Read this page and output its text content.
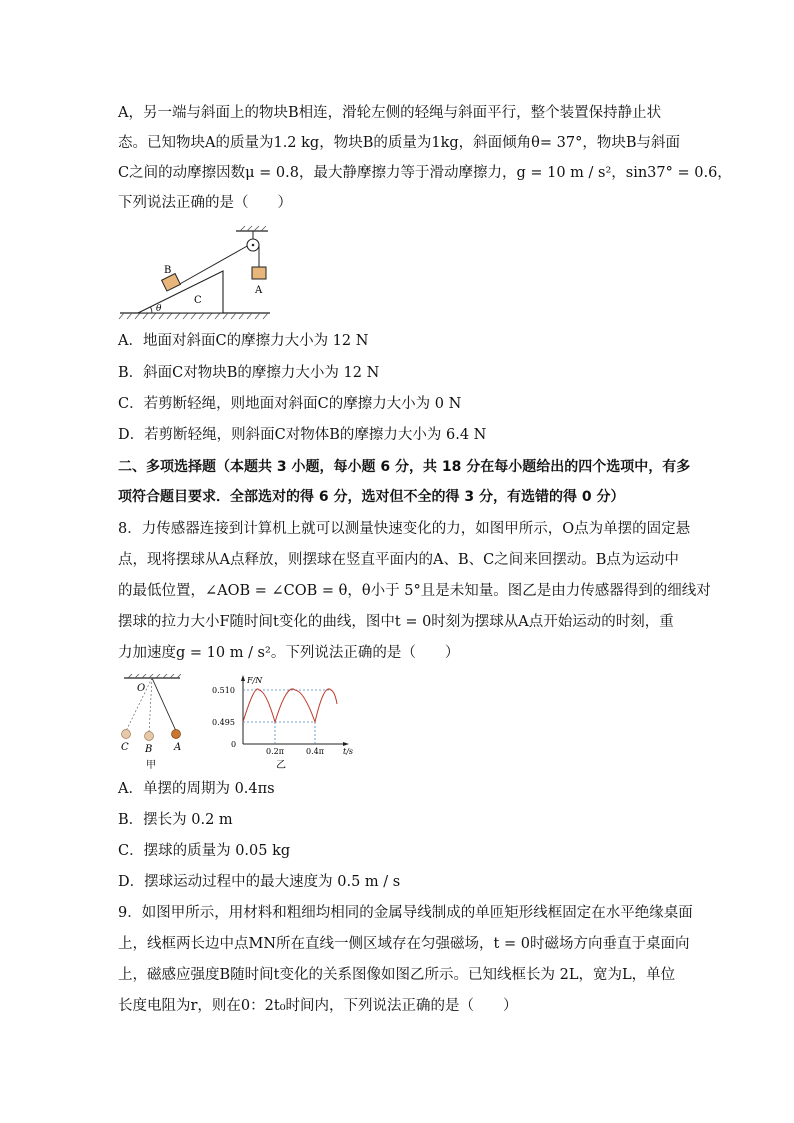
A，另一端与斜面上的物块B相连，滑轮左侧的轻绳与斜面平行，整个装置保持静止状
态。已知物块A的质量为1.2 kg，物块B的质量为1kg，斜面倾角θ= 37°，物块B与斜面
C之间的动摩擦因数μ = 0.8，最大静摩擦力等于滑动摩擦力，g = 10 m / s²，sin37° = 0.6，
下列说法正确的是（　　）
A
B
C
θ
A．地面对斜面C的摩擦力大小为 12 N
B．斜面C对物块B的摩擦力大小为 12 N
C．若剪断轻绳，则地面对斜面C的摩擦力大小为 0 N
D．若剪断轻绳，则斜面C对物体B的摩擦力大小为 6.4 N
二、多项选择题（本题共 3 小题，每小题 6 分，共 18 分在每小题给出的四个选项中，有多
项符合题目要求．全部选对的得 6 分，选对但不全的得 3 分，有选错的得 0 分）
8．力传感器连接到计算机上就可以测量快速变化的力，如图甲所示，O点为单摆的固定悬
点，现将摆球从A点释放，则摆球在竖直平面内的A、B、C之间来回摆动。B点为运动中
的最低位置，∠AOB = ∠COB = θ，θ小于 5°且是未知量。图乙是由力传感器得到的细线对
摆球的拉力大小F随时间t变化的曲线，图中t = 0时刻为摆球从A点开始运动的时刻，重
力加速度g = 10 m / s²。下列说法正确的是（　　）
O
A
B
C
甲
F/N
t/s
0
0.510
0.495
0.2π	0.4π
乙
A．单摆的周期为 0.4πs
B．摆长为 0.2 m
C．摆球的质量为 0.05 kg
D．摆球运动过程中的最大速度为 0.5 m / s
9．如图甲所示，用材料和粗细均相同的金属导线制成的单匝矩形线框固定在水平绝缘桌面
上，线框两长边中点MN所在直线一侧区域存在匀强磁场，t = 0时磁场方向垂直于桌面向
上，磁感应强度B随时间t变化的关系图像如图乙所示。已知线框长为 2L，宽为L，单位
长度电阻为r，则在0：2t₀时间内，下列说法正确的是（　　）
